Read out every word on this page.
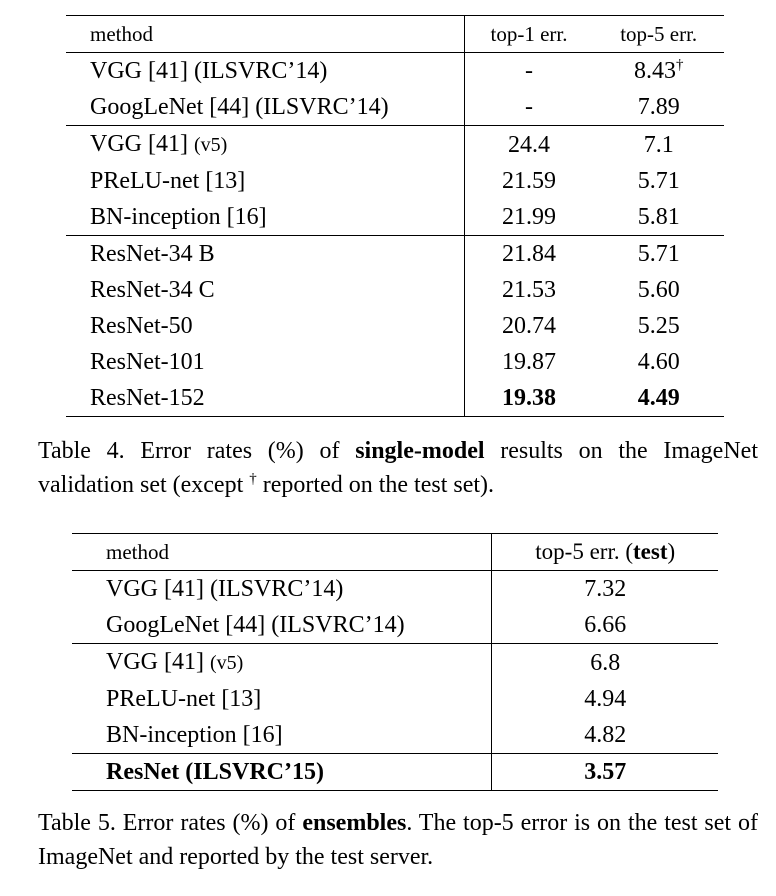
method	top-1 err.	top-5 err.
VGG [41] (ILSVRC’14)	-	8.43†
GoogLeNet [44] (ILSVRC’14)	-	7.89
VGG [41] (v5)	24.4	7.1
PReLU-net [13]	21.59	5.71
BN-inception [16]	21.99	5.81
ResNet-34 B	21.84	5.71
ResNet-34 C	21.53	5.60
ResNet-50	20.74	5.25
ResNet-101	19.87	4.60
ResNet-152	19.38	4.49
Table 4. Error rates (%) of single-model results on the ImageNet validation set (except † reported on the test set).
method	top-5 err. (test)
VGG [41] (ILSVRC’14)	7.32
GoogLeNet [44] (ILSVRC’14)	6.66
VGG [41] (v5)	6.8
PReLU-net [13]	4.94
BN-inception [16]	4.82
ResNet (ILSVRC’15)	3.57
Table 5. Error rates (%) of ensembles. The top-5 error is on the test set of ImageNet and reported by the test server.
